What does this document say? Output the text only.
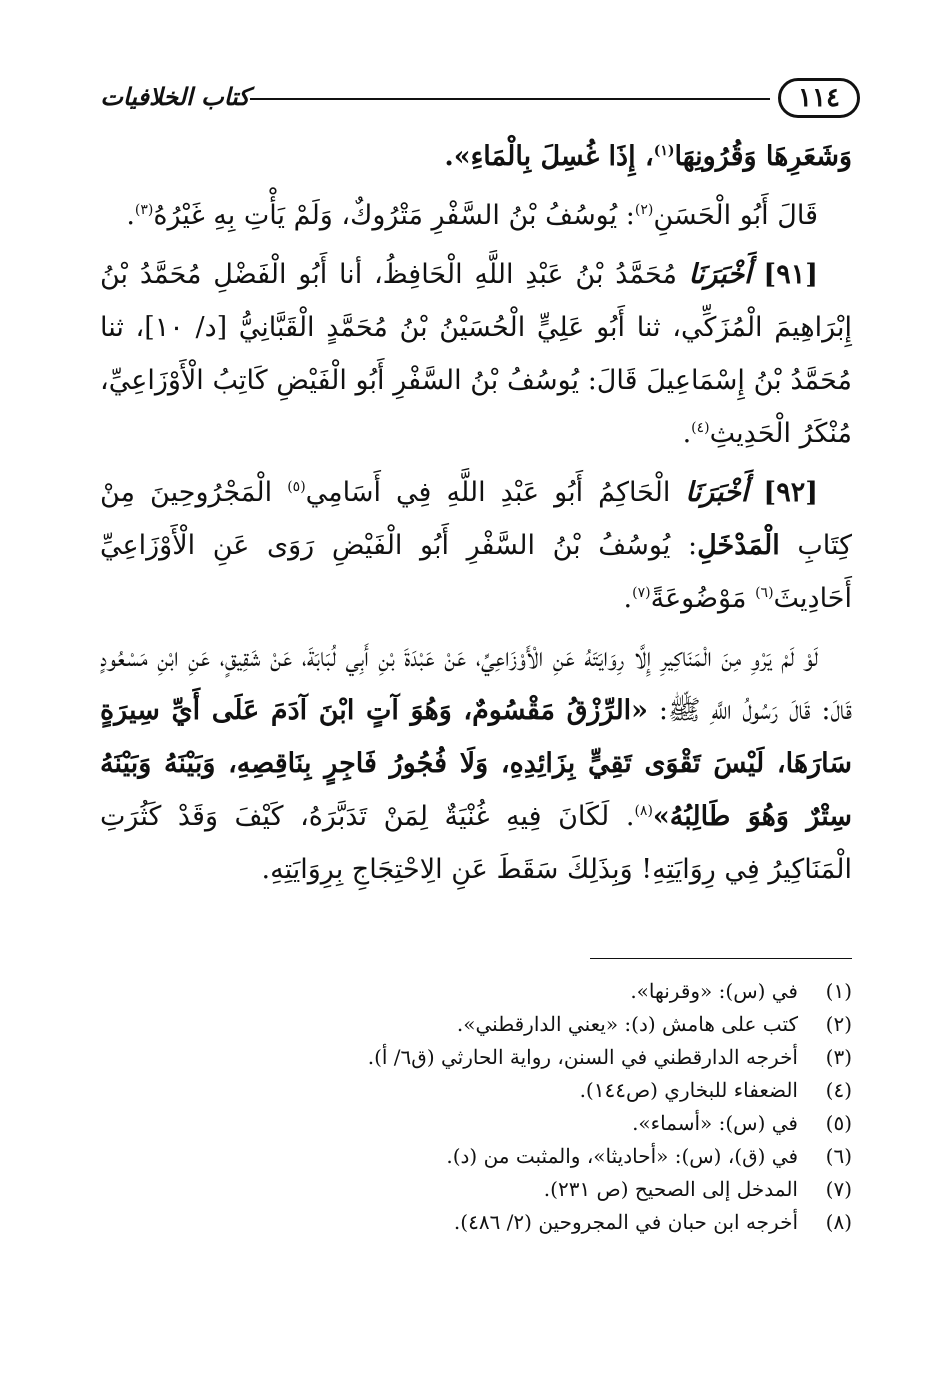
١١٤
كتاب الخلافيات

وَشَعَرِهَا وَقُرُونِهَا$^{(١)}$، إِذَا غُسِلَ بِالْمَاءِ».

قَالَ أَبُو الْحَسَنِ$^{(٢)}$: يُوسُفُ بْنُ السَّفْرِ مَتْرُوكٌ، وَلَمْ يَأْتِ بِهِ غَيْرُهُ$^{(٣)}$.

[٩١] أَخْبَرَنَا مُحَمَّدُ بْنُ عَبْدِ اللَّهِ الْحَافِظُ، أنا أَبُو الْفَضْلِ مُحَمَّدُ بْنُ إِبْرَاهِيمَ الْمُزَكِّي، ثنا أَبُو عَلِيٍّ الْحُسَيْنُ بْنُ مُحَمَّدٍ الْقَبَّانِيُّ [د/ ١٠]، ثنا مُحَمَّدُ بْنُ إِسْمَاعِيلَ قَالَ: يُوسُفُ بْنُ السَّفْرِ أَبُو الْفَيْضِ كَاتِبُ الْأَوْزَاعِيِّ، مُنْكَرُ الْحَدِيثِ$^{(٤)}$.

[٩٢] أَخْبَرَنَا الْحَاكِمُ أَبُو عَبْدِ اللَّهِ فِي أَسَامِي$^{(٥)}$ الْمَجْرُوحِينَ مِنْ كِتَابِ الْمَدْخَلِ: يُوسُفُ بْنُ السَّفْرِ أَبُو الْفَيْضِ رَوَى عَنِ الْأَوْزَاعِيِّ أَحَادِيثَ$^{(٦)}$ مَوْضُوعَةً$^{(٧)}$.

لَوْ لَمْ يَرْوِ مِنَ الْمَنَاكِيرِ إِلَّا رِوَايَتَهُ عَنِ الْأَوْزَاعِيِّ، عَنْ عَبْدَةَ بْنِ أَبِي لُبَابَةَ، عَنْ شَقِيقٍ، عَنِ ابْنِ مَسْعُودٍ قَالَ: قَالَ رَسُولُ اللَّهِ ﷺ: «الرِّزْقُ مَقْسُومٌ، وَهُوَ آتٍ ابْنَ آدَمَ عَلَى أَيِّ سِيرَةٍ سَارَهَا، لَيْسَ تَقْوَى تَقِيٍّ بِزَائِدِهِ، وَلَا فُجُورُ فَاجِرٍ بِنَاقِصِهِ، وَبَيْنَهُ وَبَيْنَهُ سِتْرٌ وَهُوَ طَالِبُهُ»$^{(٨)}$. لَكَانَ فِيهِ غُنْيَةٌ لِمَنْ تَدَبَّرَهُ، كَيْفَ وَقَدْ كَثُرَتِ الْمَنَاكِيرُ فِي رِوَايَتِهِ! وَبِذَلِكَ سَقَطَ عَنِ الِاحْتِجَاجِ بِرِوَايَتِهِ.

(١)
في (س): «وقرنها».
(٢)
كتب على هامش (د): «يعني الدارقطني».
(٣)
أخرجه الدارقطني في السنن، رواية الحارثي (ق٦/ أ).
(٤)
الضعفاء للبخاري (ص١٤٤).
(٥)
في (س): «أسماء».
(٦)
في (ق)، (س): «أحاديثا»، والمثبت من (د).
(٧)
المدخل إلى الصحيح (ص ٢٣١).
(٨)
أخرجه ابن حبان في المجروحين (٢/ ٤٨٦).
